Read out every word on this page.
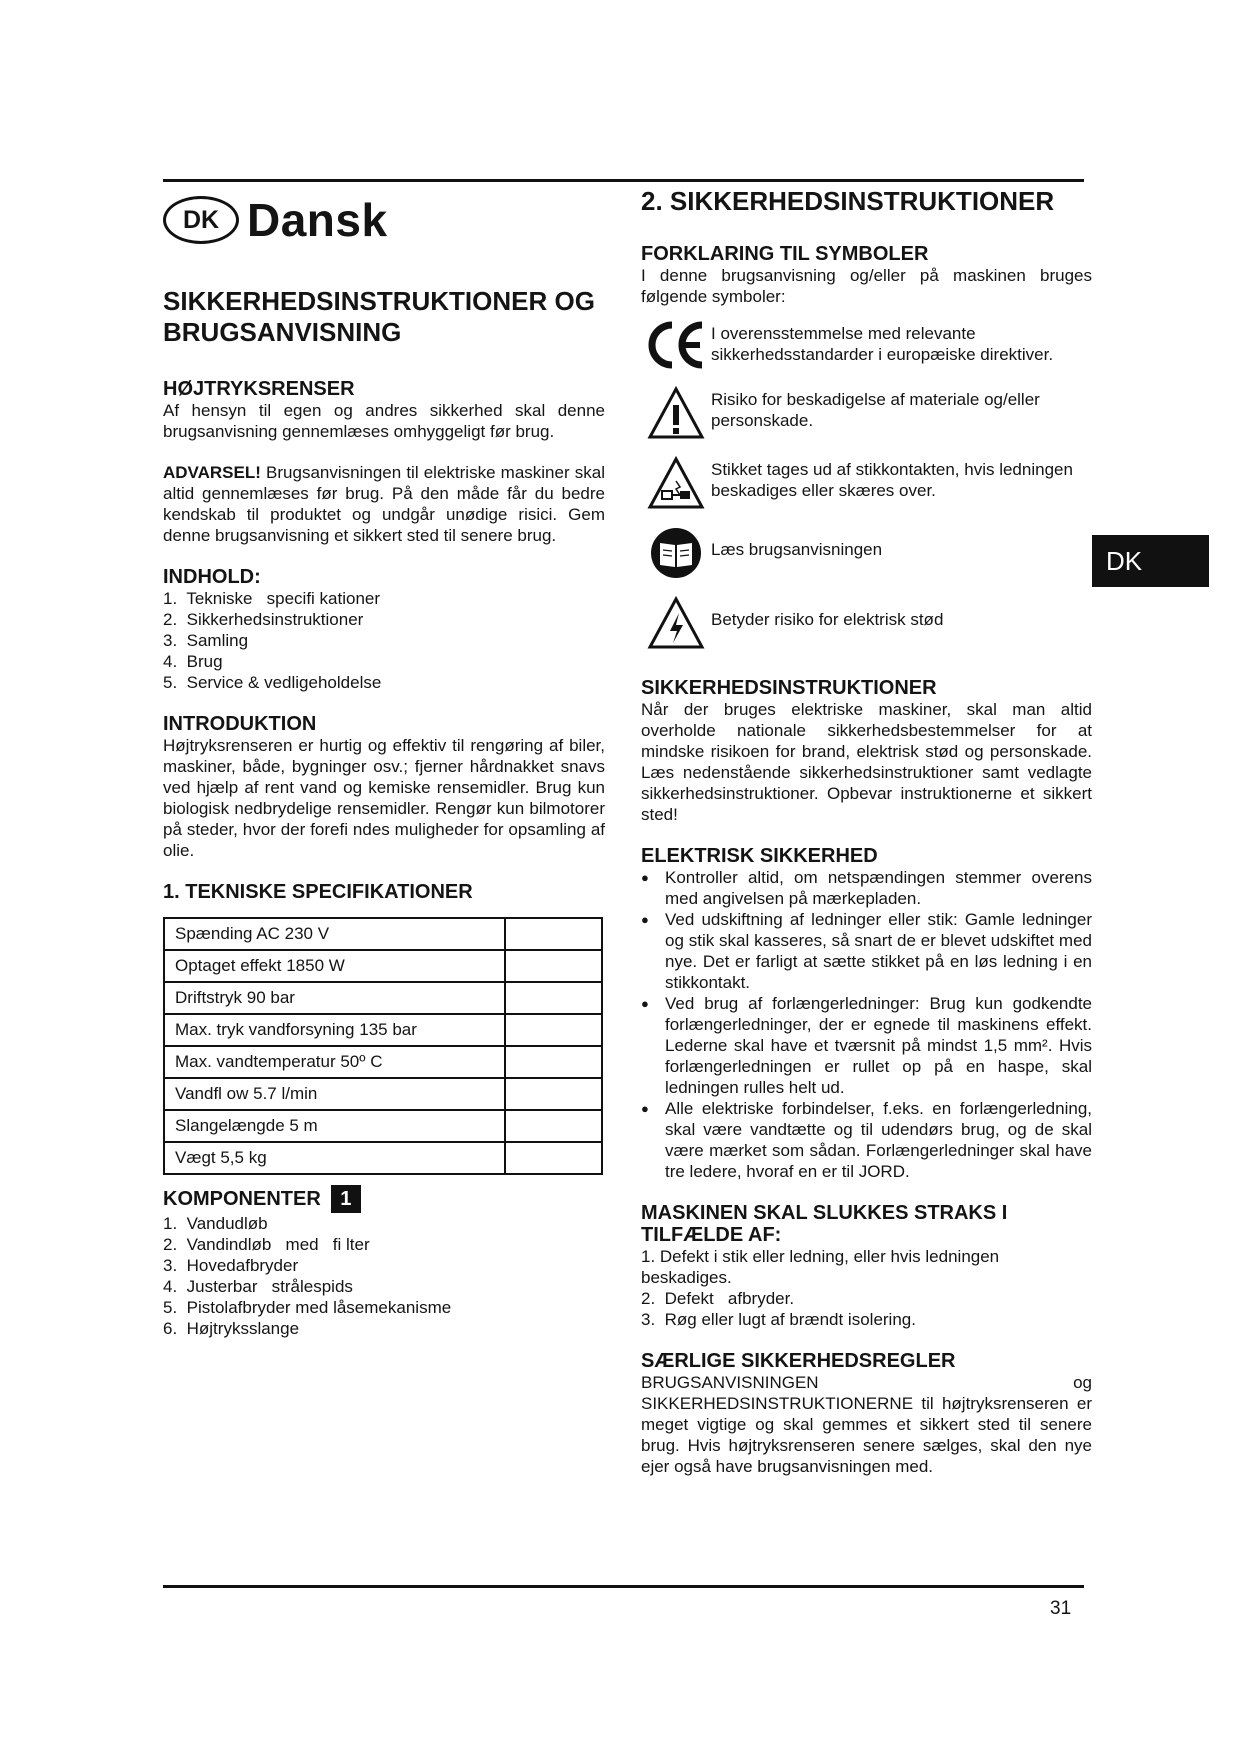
DK Dansk
SIKKERHEDSINSTRUKTIONER OG BRUGSANVISNING
HØJTRYKSRENSER

Af hensyn til egen og andres sikkerhed skal denne brugsanvisning gennemlæses omhyggeligt før brug.

ADVARSEL! Brugsanvisningen til elektriske maskiner skal altid gennemlæses før brug. På den måde får du bedre kendskab til produktet og undgår unødige risici. Gem denne brugsanvisning et sikkert sted til senere brug.

INDHOLD:
1.  Tekniske   specifi kationer
2.  Sikkerhedsinstruktioner
3.  Samling
4.  Brug
5.  Service & vedligeholdelse
INTRODUKTION

Højtryksrenseren er hurtig og effektiv til rengøring af biler, maskiner, både, bygninger osv.; fjerner hårdnakket snavs ved hjælp af rent vand og kemiske rensemidler. Brug kun biologisk nedbrydelige rensemidler. Rengør kun bilmotorer på steder, hvor der forefi ndes muligheder for opsamling af olie.

1. TEKNISKE SPECIFIKATIONER
Spænding AC 230 V	
Optaget effekt 1850 W	
Driftstryk 90 bar	
Max. tryk vandforsyning 135 bar	
Max. vandtemperatur 50º C	
Vandfl ow 5.7 l/min	
Slangelængde 5 m	
Vægt 5,5 kg	
KOMPONENTER 1
1.  Vandudløb
2.  Vandindløb   med   fi lter
3.  Hovedafbryder
4.  Justerbar   strålespids
5.  Pistolafbryder med låsemekanisme
6.  Højtryksslange
2. SIKKERHEDSINSTRUKTIONER
FORKLARING TIL SYMBOLER

I denne brugsanvisning og/eller på maskinen bruges følgende symboler:

I overensstemmelse med relevante sikkerhedsstandarder i europæiske direktiver.
Risiko for beskadigelse af materiale og/eller personskade.
Stikket tages ud af stikkontakten, hvis ledningen beskadiges eller skæres over.
Læs brugsanvisningen
Betyder risiko for elektrisk stød
SIKKERHEDSINSTRUKTIONER

Når der bruges elektriske maskiner, skal man altid overholde nationale sikkerhedsbestemmelser for at mindske risikoen for brand, elektrisk stød og personskade. Læs nedenstående sikkerhedsinstruktioner samt vedlagte sikkerhedsinstruktioner. Opbevar instruktionerne et sikkert sted!

ELEKTRISK SIKKERHED
● Kontroller altid, om netspændingen stemmer overens med angivelsen på mærkepladen.
● Ved udskiftning af ledninger eller stik: Gamle ledninger og stik skal kasseres, så snart de er blevet udskiftet med nye. Det er farligt at sætte stikket på en løs ledning i en stikkontakt.
● Ved brug af forlængerledninger: Brug kun godkendte forlængerledninger, der er egnede til maskinens effekt. Lederne skal have et tværsnit på mindst 1,5 mm². Hvis forlængerledningen er rullet op på en haspe, skal ledningen rulles helt ud.
● Alle elektriske forbindelser, f.eks. en forlængerledning, skal være vandtætte og til udendørs brug, og de skal være mærket som sådan. Forlængerledninger skal have tre ledere, hvoraf en er til JORD.
MASKINEN SKAL SLUKKES STRAKS I TILFÆLDE AF:
1. Defekt i stik eller ledning, eller hvis ledningen beskadiges.
2.  Defekt   afbryder.
3.  Røg eller lugt af brændt isolering.
SÆRLIGE SIKKERHEDSREGLER

BRUGSANVISNINGEN og SIKKERHEDSINSTRUKTIONERNE til højtryksrenseren er meget vigtige og skal gemmes et sikkert sted til senere brug. Hvis højtryksrenseren senere sælges, skal den nye ejer også have brugsanvisningen med.

DK
31
